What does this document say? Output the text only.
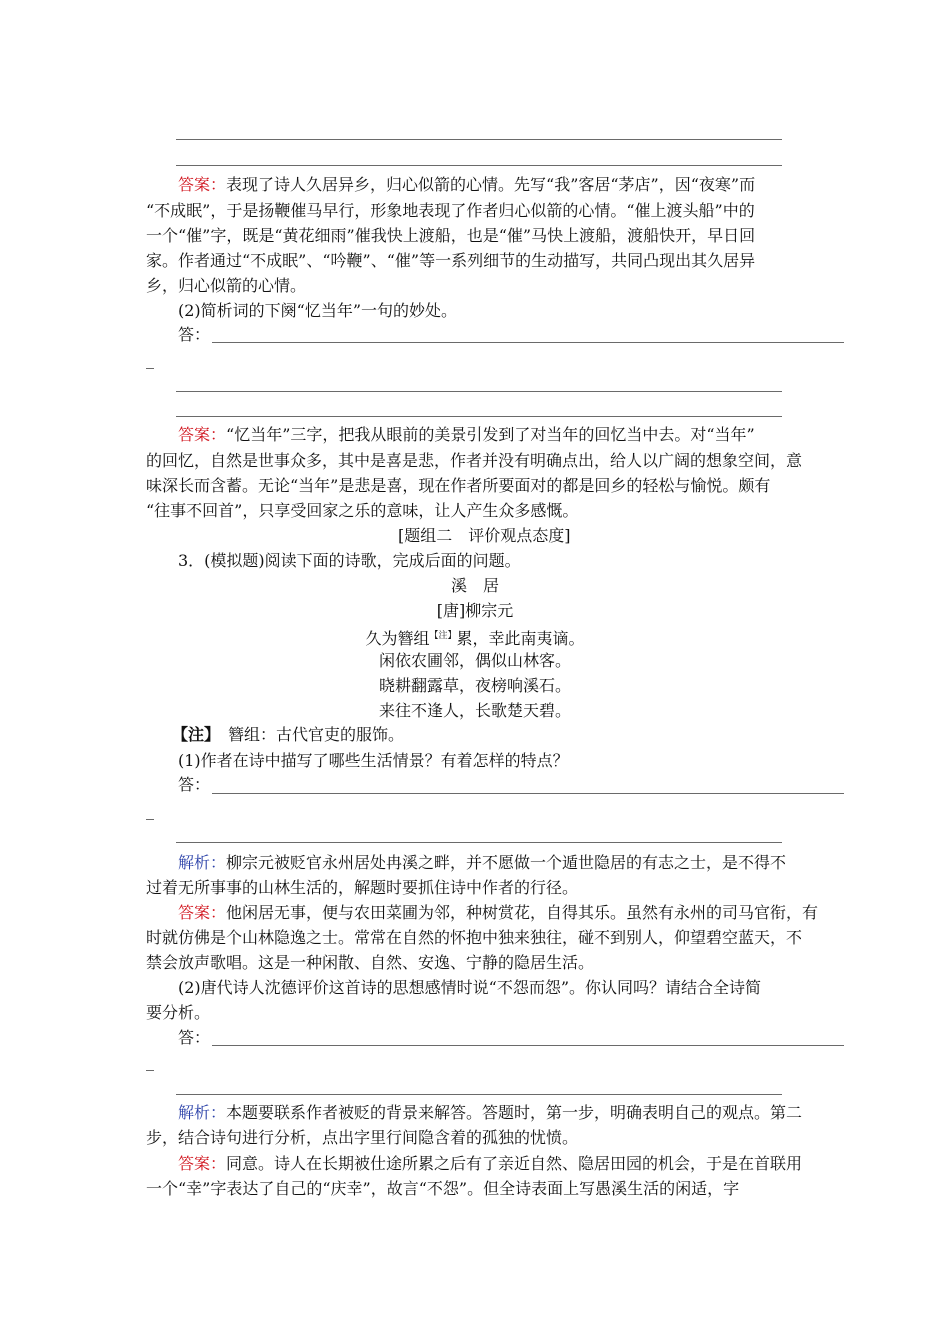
答案：表现了诗人久居异乡，归心似箭的心情。先写“我”客居“茅店”，因“夜寒”而
“不成眠”，于是扬鞭催马早行，形象地表现了作者归心似箭的心情。“催上渡头船”中的
一个“催”字，既是“黄花细雨”催我快上渡船，也是“催”马快上渡船，渡船快开，早日回
家。作者通过“不成眠”、“吟鞭”、“催”等一系列细节的生动描写，共同凸现出其久居异
乡，归心似箭的心情。
(2)简析词的下阕“忆当年”一句的妙处。
答：
答案：“忆当年”三字，把我从眼前的美景引发到了对当年的回忆当中去。对“当年”
的回忆，自然是世事众多，其中是喜是悲，作者并没有明确点出，给人以广阔的想象空间，意
味深长而含蓄。无论“当年”是悲是喜，现在作者所要面对的都是回乡的轻松与愉悦。颇有
“往事不回首”，只享受回家之乐的意味，让人产生众多感慨。
[题组二　评价观点态度]
3．(模拟题)阅读下面的诗歌，完成后面的问题。
溪　居
[唐]柳宗元
久为簪组$^{【注】}$累，幸此南夷谪。
闲依农圃邻，偶似山林客。
晓耕翻露草，夜榜响溪石。
来往不逢人，长歌楚天碧。
【注】　簪组：古代官吏的服饰。
(1)作者在诗中描写了哪些生活情景？有着怎样的特点？
答：
解析：柳宗元被贬官永州居处冉溪之畔，并不愿做一个遁世隐居的有志之士，是不得不
过着无所事事的山林生活的，解题时要抓住诗中作者的行径。
答案：他闲居无事，便与农田菜圃为邻，种树赏花，自得其乐。虽然有永州的司马官衔，有
时就仿佛是个山林隐逸之士。常常在自然的怀抱中独来独往，碰不到别人，仰望碧空蓝天，不
禁会放声歌唱。这是一种闲散、自然、安逸、宁静的隐居生活。
(2)唐代诗人沈德评价这首诗的思想感情时说“不怨而怨”。你认同吗？请结合全诗简
要分析。
答：
解析：本题要联系作者被贬的背景来解答。答题时，第一步，明确表明自己的观点。第二
步，结合诗句进行分析，点出字里行间隐含着的孤独的忧愤。
答案：同意。诗人在长期被仕途所累之后有了亲近自然、隐居田园的机会，于是在首联用
一个“幸”字表达了自己的“庆幸”，故言“不怨”。但全诗表面上写愚溪生活的闲适，字
